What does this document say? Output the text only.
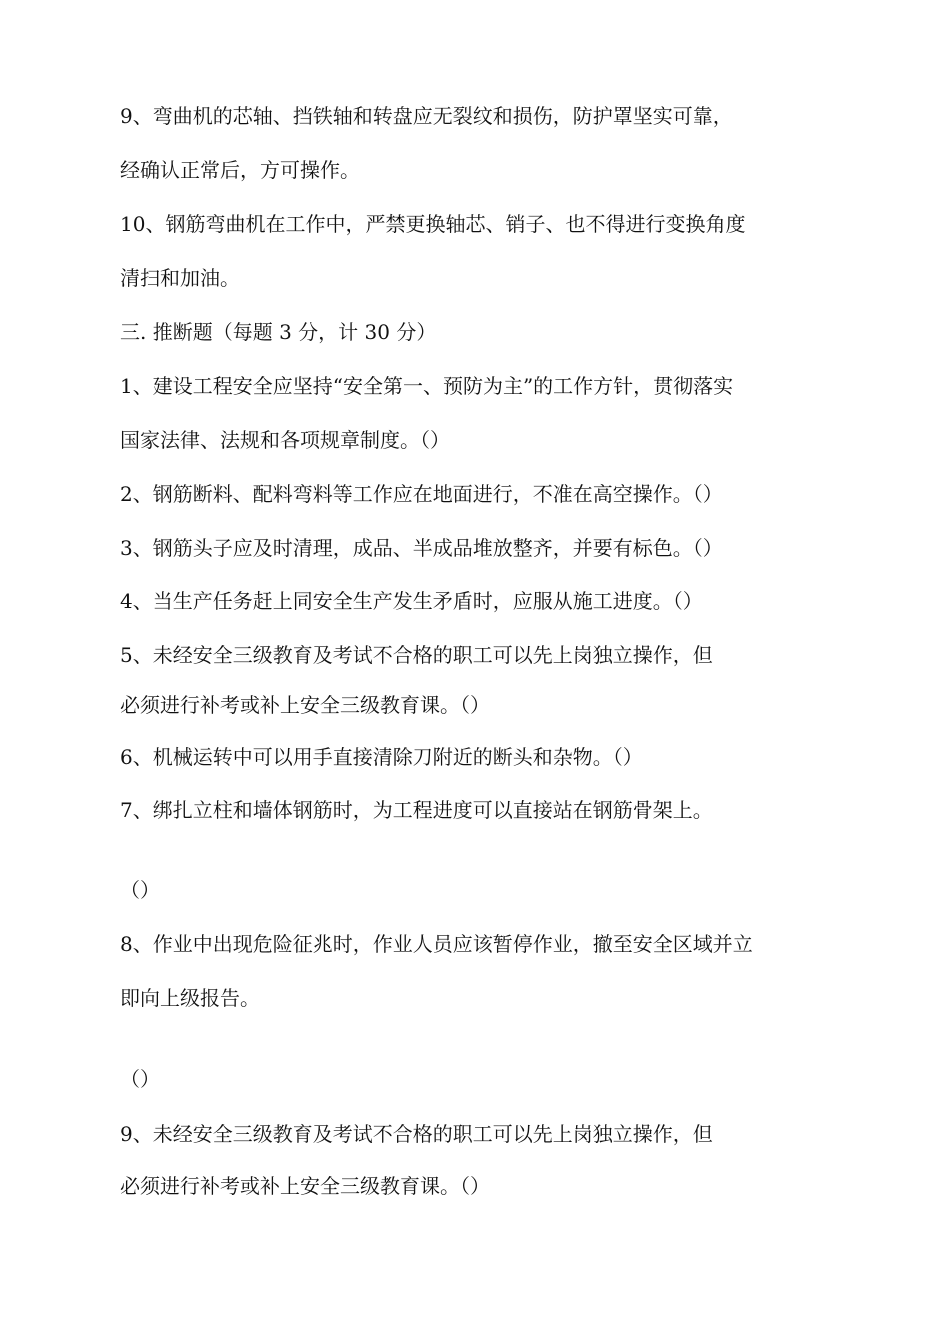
9、弯曲机的芯轴、挡铁轴和转盘应无裂纹和损伤，防护罩坚实可靠，
经确认正常后，方可操作。
10、钢筋弯曲机在工作中，严禁更换轴芯、销子、也不得进行变换角度
清扫和加油。
三. 推断题（每题 3 分，计 30 分）
1、建设工程安全应坚持“安全第一、预防为主”的工作方针，贯彻落实
国家法律、法规和各项规章制度。（）
2、钢筋断料、配料弯料等工作应在地面进行，不准在高空操作。（）
3、钢筋头子应及时清理，成品、半成品堆放整齐，并要有标色。（）
4、当生产任务赶上同安全生产发生矛盾时，应服从施工进度。（）
5、未经安全三级教育及考试不合格的职工可以先上岗独立操作，但
必须进行补考或补上安全三级教育课。（）
6、机械运转中可以用手直接清除刀附近的断头和杂物。（）
7、绑扎立柱和墙体钢筋时，为工程进度可以直接站在钢筋骨架上。
（）
8、作业中出现危险征兆时，作业人员应该暂停作业，撤至安全区域并立
即向上级报告。
（）
9、未经安全三级教育及考试不合格的职工可以先上岗独立操作，但
必须进行补考或补上安全三级教育课。（）
